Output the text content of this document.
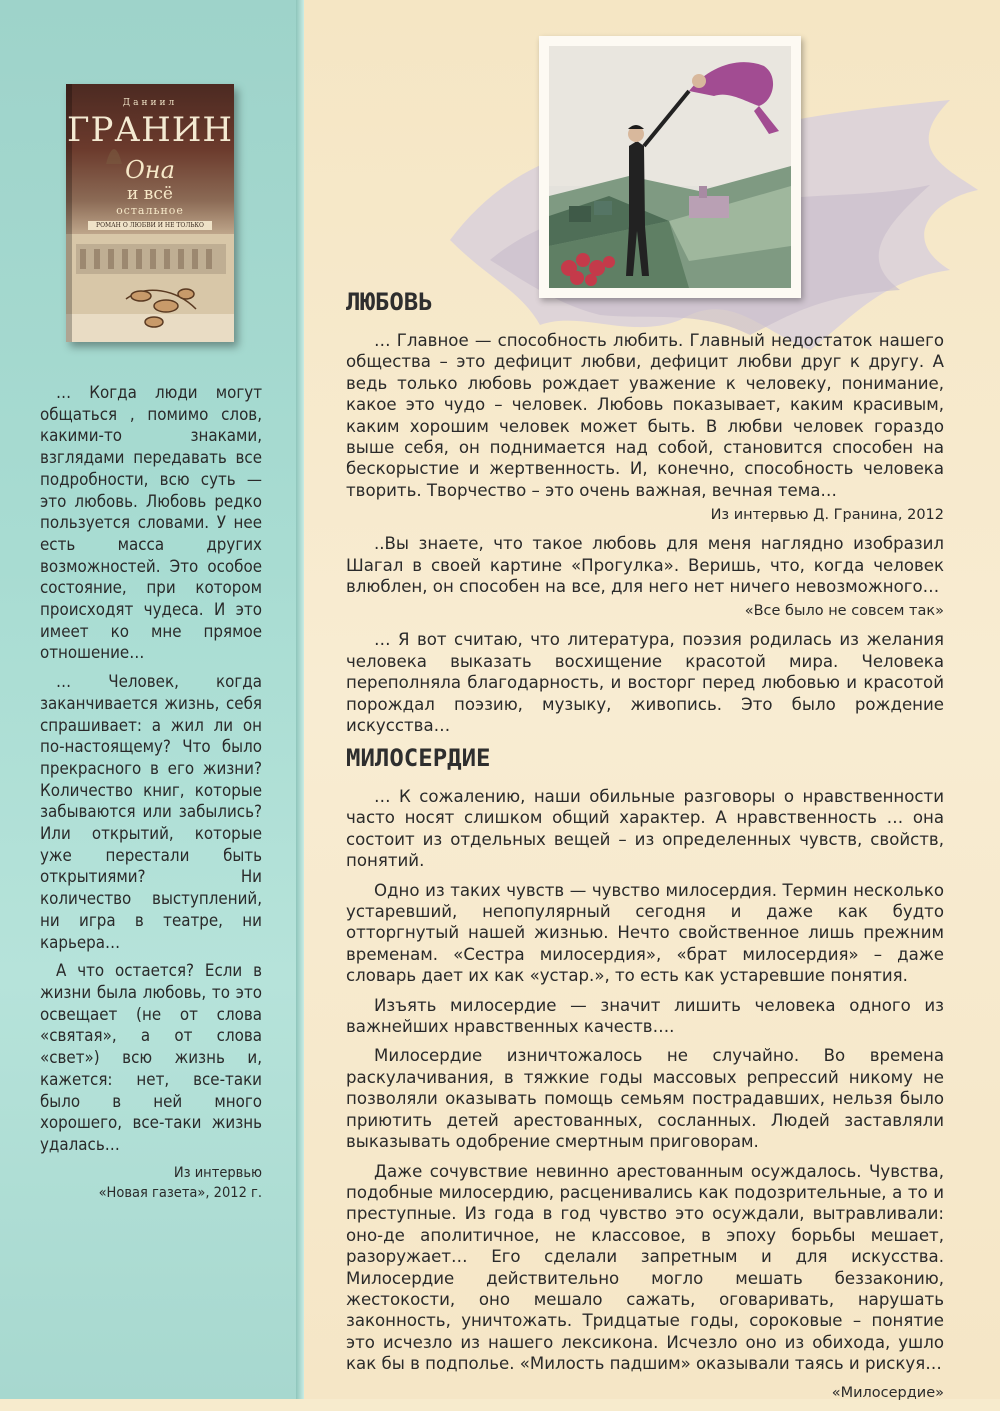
Даниил
ГРАНИН
Она
и всё
остальное
РОМАН О ЛЮБВИ И НЕ ТОЛЬКО

… Когда люди могут общаться , помимо слов, какими-то знаками, взглядами передавать все подробности, всю суть — это любовь. Любовь редко пользуется словами. У нее есть масса других возможностей. Это особое состояние, при котором происходят чудеса. И это имеет ко мне прямое отношение…

… Человек, когда заканчивается жизнь, себя спрашивает: а жил ли он по-настоящему? Что было прекрасного в его жизни? Количество книг, которые забываются или забылись? Или открытий, которые уже перестали быть открытиями? Ни количество выступлений, ни игра в театре, ни карьера…

А что остается? Если в жизни была любовь, то это освещает (не от слова «святая», а от слова «свет») всю жизнь и, кажется: нет, все-таки было в ней много хорошего, все-таки жизнь удалась…

Из интервью
«Новая газета», 2012 г.
ЛЮБОВЬ

… Главное — способность любить. Главный недостаток нашего общества – это дефицит любви, дефицит любви друг к другу. А ведь только любовь рождает уважение к человеку, понимание, какое это чудо – человек. Любовь показывает, каким красивым, каким хорошим человек может быть. В любви человек гораздо выше себя, он поднимается над собой, становится способен на бескорыстие и жертвенность. И, конечно, способность человека творить. Творчество – это очень важная, вечная тема…

Из интервью Д. Гранина, 2012

..Вы знаете, что такое любовь для меня наглядно изобразил Шагал в своей картине «Прогулка». Веришь, что, когда человек влюблен, он способен на все, для него нет ничего невозможного…

«Все было не совсем так»

… Я вот считаю, что литература, поэзия родилась из желания человека выказать восхищение красотой мира. Человека переполняла благодарность, и восторг перед любовью и красотой порождал поэзию, музыку, живопись. Это было рождение искусства…

МИЛОСЕРДИЕ

… К сожалению, наши обильные разговоры о нравственности часто носят слишком общий характер. А нравственность … она состоит из отдельных вещей – из определенных чувств, свойств, понятий.

Одно из таких чувств — чувство милосердия. Термин несколько устаревший, непопулярный сегодня и даже как будто отторгнутый нашей жизнью. Нечто свойственное лишь прежним временам. «Сестра милосердия», «брат милосердия» – даже словарь дает их как «устар.», то есть как устаревшие понятия.

Изъять милосердие — значит лишить человека одного из важнейших нравственных качеств….

Милосердие изничтожалось не случайно. Во времена раскулачивания, в тяжкие годы массовых репрессий никому не позволяли оказывать помощь семьям пострадавших, нельзя было приютить детей арестованных, сосланных. Людей заставляли выказывать одобрение смертным приговорам.

Даже сочувствие невинно арестованным осуждалось. Чувства, подобные милосердию, расценивались как подозрительные, а то и преступные. Из года в год чувство это осуждали, вытравливали: оно-де аполитичное, не классовое, в эпоху борьбы мешает, разоружает… Его сделали запретным и для искусства. Милосердие действительно могло мешать беззаконию, жестокости, оно мешало сажать, оговаривать, нарушать законность, уничтожать. Тридцатые годы, сороковые – понятие это исчезло из нашего лексикона. Исчезло оно из обихода, ушло как бы в подполье. «Милость падшим» оказывали таясь и рискуя…

«Милосердие»
